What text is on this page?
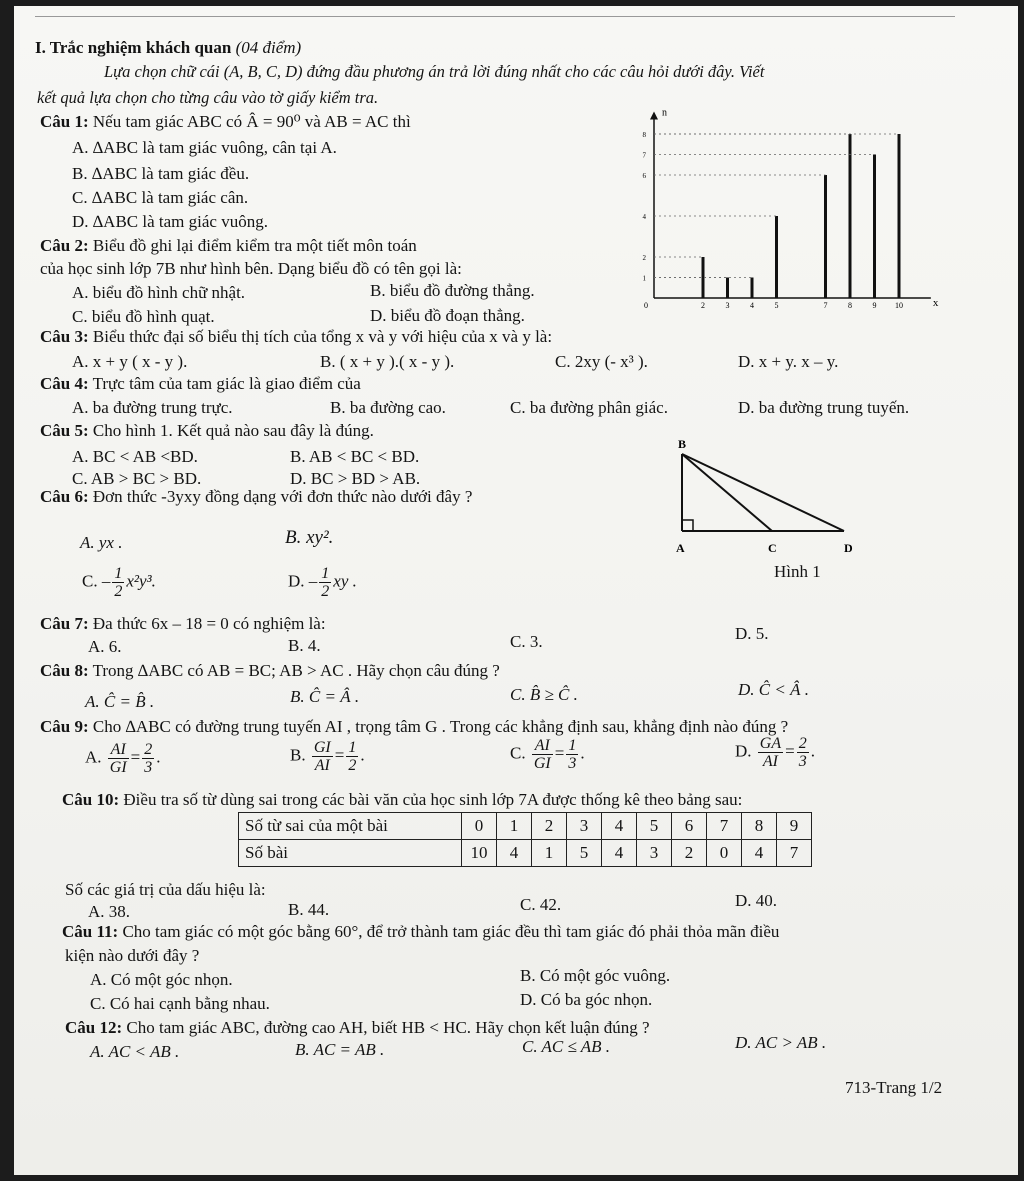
I. Trắc nghiệm khách quan (04 điểm)
Lựa chọn chữ cái (A, B, C, D) đứng đầu phương án trả lời đúng nhất cho các câu hỏi dưới đây. Viết
kết quả lựa chọn cho từng câu vào tờ giấy kiểm tra.
Câu 1: Nếu tam giác ABC có Â = 90⁰ và AB = AC thì
A. ∆ABC là tam giác vuông, cân tại A.
B. ∆ABC là tam giác đều.
C. ∆ABC là tam giác cân.
D. ∆ABC là tam giác vuông.
Câu 2: Biểu đồ ghi lại điểm kiểm tra một tiết môn toán
của học sinh lớp 7B như hình bên. Dạng biểu đồ có tên gọi là:
A. biểu đồ hình chữ nhật.	B. biểu đồ đường thẳng.
C. biểu đồ hình quạt.	D. biểu đồ đoạn thẳng.
n
x
1
2
4
6
7
8
0	2	3	4	5	7	8	9 10
Câu 3: Biểu thức đại số biểu thị tích của tổng x và y với hiệu của x và y là:
A. x + y ( x - y ).	B. ( x + y ).( x - y ).	C. 2xy (- x³ ).	D. x + y. x – y.
Câu 4: Trực tâm của tam giác là giao điểm của
A. ba đường trung trực.	B. ba đường cao.	C. ba đường phân giác.	D. ba đường trung tuyến.
Câu 5: Cho hình 1. Kết quả nào sau đây là đúng.
A. BC < AB <BD.	B. AB < BC < BD.
C. AB > BC > BD.	D. BC > BD > AB.
B
A	C	D
Hình 1
Câu 6: Đơn thức -3yxy đồng dạng với đơn thức nào dưới đây ?
A. yx .	B. xy².
C. – $\frac{1}{2} x^2y^3$.	D. – $\frac{1}{2}$ xy .
Câu 7: Đa thức 6x – 18 = 0 có nghiệm là:
A. 6.	B. 4.	C. 3.	D. 5.
Câu 8: Trong ∆ABC có AB = BC; AB > AC . Hãy chọn câu đúng ?
A. Ĉ = B̂ .	B. Ĉ = Â .	C. B̂ ≥ Ĉ .	D. Ĉ < Â .
Câu 9: Cho ∆ABC có đường trung tuyến AI , trọng tâm G . Trong các khẳng định sau, khẳng định nào đúng ?
A. $\frac{AI}{GI} = \frac{2}{3}$ .	B. $\frac{GI}{AI} = \frac{1}{2}$ .	C. $\frac{AI}{GI} = \frac{1}{3}$ .	D. $\frac{GA}{AI} = \frac{2}{3}$ .
Câu 10: Điều tra số từ dùng sai trong các bài văn của học sinh lớp 7A được thống kê theo bảng sau:
Số từ sai của một bài	0	1	2	3	4	5	6	7	8	9
Số bài	10	4	1	5	4	3	2	0	4	7
Số các giá trị của dấu hiệu là:
A. 38.	B. 44.	C. 42.	D. 40.
Câu 11: Cho tam giác có một góc bằng 60°, để trở thành tam giác đều thì tam giác đó phải thỏa mãn điều
kiện nào dưới đây ?
A. Có một góc nhọn.	B. Có một góc vuông.
C. Có hai cạnh bằng nhau.	D. Có ba góc nhọn.
Câu 12: Cho tam giác ABC, đường cao AH, biết HB < HC. Hãy chọn kết luận đúng ?
A. AC < AB .	B. AC = AB .	C. AC ≤ AB .	D. AC > AB .
713-Trang 1/2
